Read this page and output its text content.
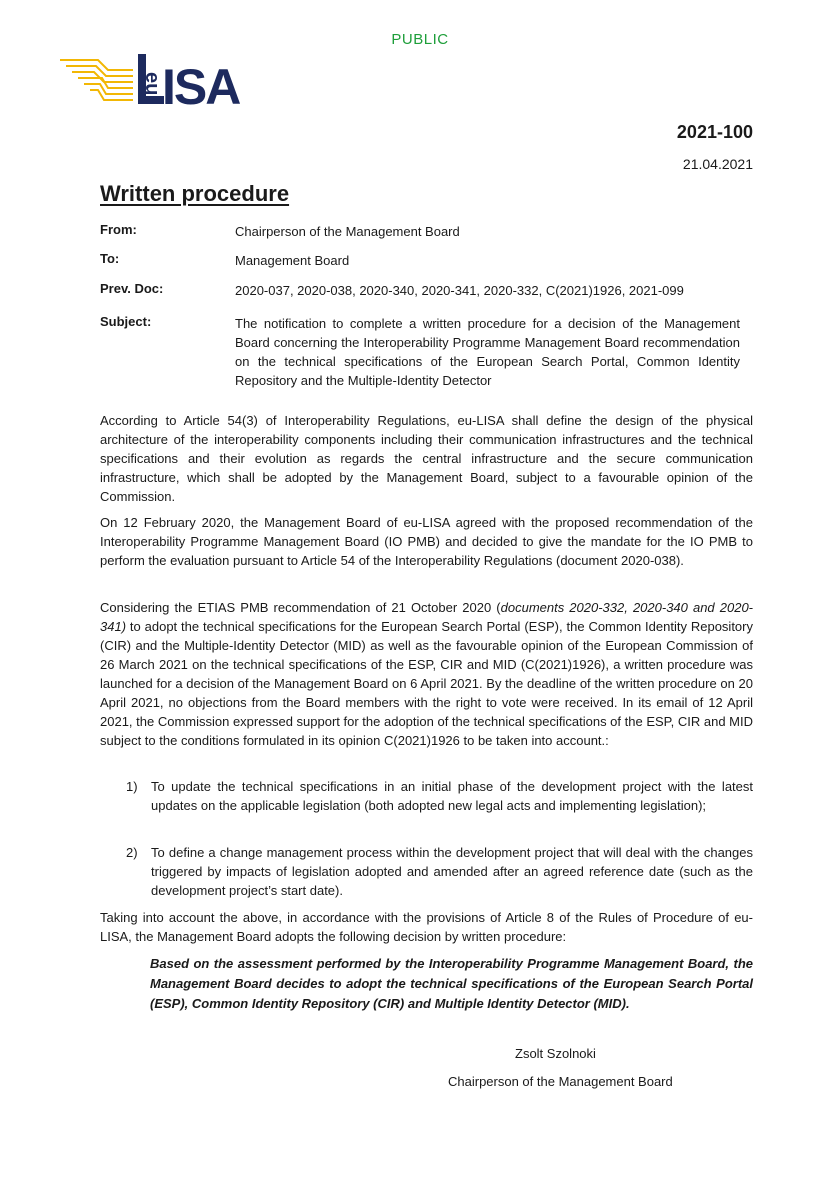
PUBLIC
eu ISA
2021-100
21.04.2021
Written procedure
From:	Chairperson of the Management Board
To:	Management Board
Prev. Doc:	2020-037, 2020-038, 2020-340, 2020-341, 2020-332, C(2021)1926, 2021-099
Subject:	The notification to complete a written procedure for a decision of the Management Board concerning the Interoperability Programme Management Board recommendation on the technical specifications of the European Search Portal, Common Identity Repository and the Multiple-Identity Detector
According to Article 54(3) of Interoperability Regulations, eu-LISA shall define the design of the physical architecture of the interoperability components including their communication infrastructures and the technical specifications and their evolution as regards the central infrastructure and the secure communication infrastructure, which shall be adopted by the Management Board, subject to a favourable opinion of the Commission.
On 12 February 2020, the Management Board of eu-LISA agreed with the proposed recommendation of the Interoperability Programme Management Board (IO PMB) and decided to give the mandate for the IO PMB to perform the evaluation pursuant to Article 54 of the Interoperability Regulations (document 2020-038).
Considering the ETIAS PMB recommendation of 21 October 2020 (documents 2020-332, 2020-340 and 2020-341) to adopt the technical specifications for the European Search Portal (ESP), the Common Identity Repository (CIR) and the Multiple-Identity Detector (MID) as well as the favourable opinion of the European Commission of 26 March 2021 on the technical specifications of the ESP, CIR and MID (C(2021)1926), a written procedure was launched for a decision of the Management Board on 6 April 2021. By the deadline of the written procedure on 20 April 2021, no objections from the Board members with the right to vote were received. In its email of 12 April 2021, the Commission expressed support for the adoption of the technical specifications of the ESP, CIR and MID subject to the conditions formulated in its opinion C(2021)1926 to be taken into account.:
1) To update the technical specifications in an initial phase of the development project with the latest updates on the applicable legislation (both adopted new legal acts and implementing legislation);
2) To define a change management process within the development project that will deal with the changes triggered by impacts of legislation adopted and amended after an agreed reference date (such as the development project’s start date).
Taking into account the above, in accordance with the provisions of Article 8 of the Rules of Procedure of eu-LISA, the Management Board adopts the following decision by written procedure:
Based on the assessment performed by the Interoperability Programme Management Board, the Management Board decides to adopt the technical specifications of the European Search Portal (ESP), Common Identity Repository (CIR) and Multiple Identity Detector (MID).
Zsolt Szolnoki
Chairperson of the Management Board
